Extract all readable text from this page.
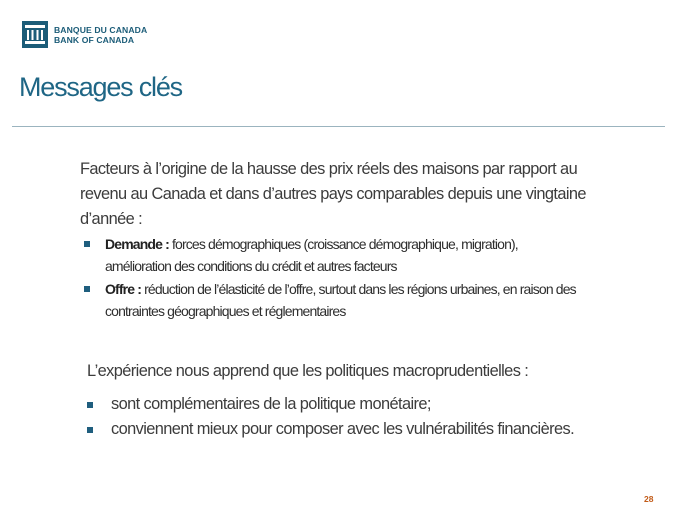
BANQUE DU CANADA
BANK OF CANADA
Messages clés

Facteurs à l’origine de la hausse des prix réels des maisons par rapport au revenu au Canada et dans d’autres pays comparables depuis une vingtaine d’année :

Demande : forces démographiques (croissance démographique, migration), amélioration des conditions du crédit et autres facteurs
Offre : réduction de l’élasticité de l’offre, surtout dans les régions urbaines, en raison des contraintes géographiques et réglementaires

L’expérience nous apprend que les politiques macroprudentielles :

sont complémentaires de la politique monétaire;
conviennent mieux pour composer avec les vulnérabilités financières.
28
